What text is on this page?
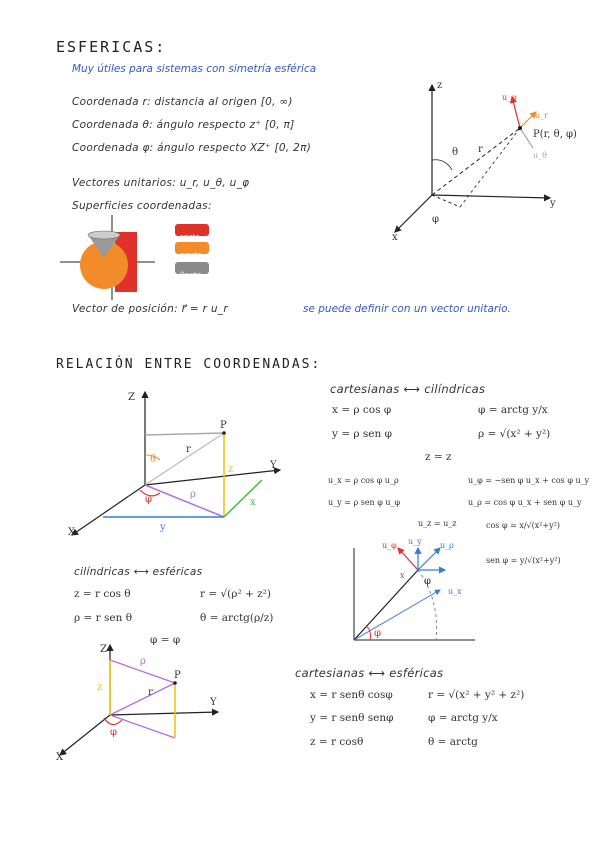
ESFERICAS:
Muy útiles para sistemas con simetría esférica
Coordenada r: distancia al origen [0, ∞)
Coordenada θ: ángulo respecto z⁺ [0, π]
Coordenada φ: ángulo respecto XZ⁺ [0, 2π)
Vectores unitarios: u_r, u_θ, u_φ
Superficies coordenadas:
Vector de posición: r⃗ = r u_r	se puede definir con un vector unitario.
r=cte
φ=cte
θ=cte
RELACIÓN ENTRE COORDENADAS:
cartesianas ⟷ cilíndricas
x = ρ cos φ	φ = arctg y/x
y = ρ sen φ	ρ = √(x² + y²)
z = z
u_x = ρ cos φ u_ρ	u_φ = −sen φ u_x + cos φ u_y
u_y = ρ sen φ u_φ	u_ρ = cos φ u_x + sen φ u_y
u_z = u_z	cos φ = x/√(x²+y²)
sen φ = y/√(x²+y²)
cilíndricas ⟷ esféricas
z = r cos θ	r = √(ρ² + z²)
ρ = r sen θ	θ = arctg(ρ/z)
φ = φ
cartesianas ⟷ esféricas
x = r senθ cosφ	r = √(x² + y² + z²)
y = r senθ senφ	φ = arctg y/x
z = r cosθ	θ = arctg
z
y
x
P(r, θ, φ)
u_φ
u_r
u_θ
θ r
φ
Z
Y
X
P
θ
r
ρ
φ	x
y
z
u_x
u_y
u_φ	u_ρ
φ
φ
x
Z
P
ρ
r
φ
z
X
Y
